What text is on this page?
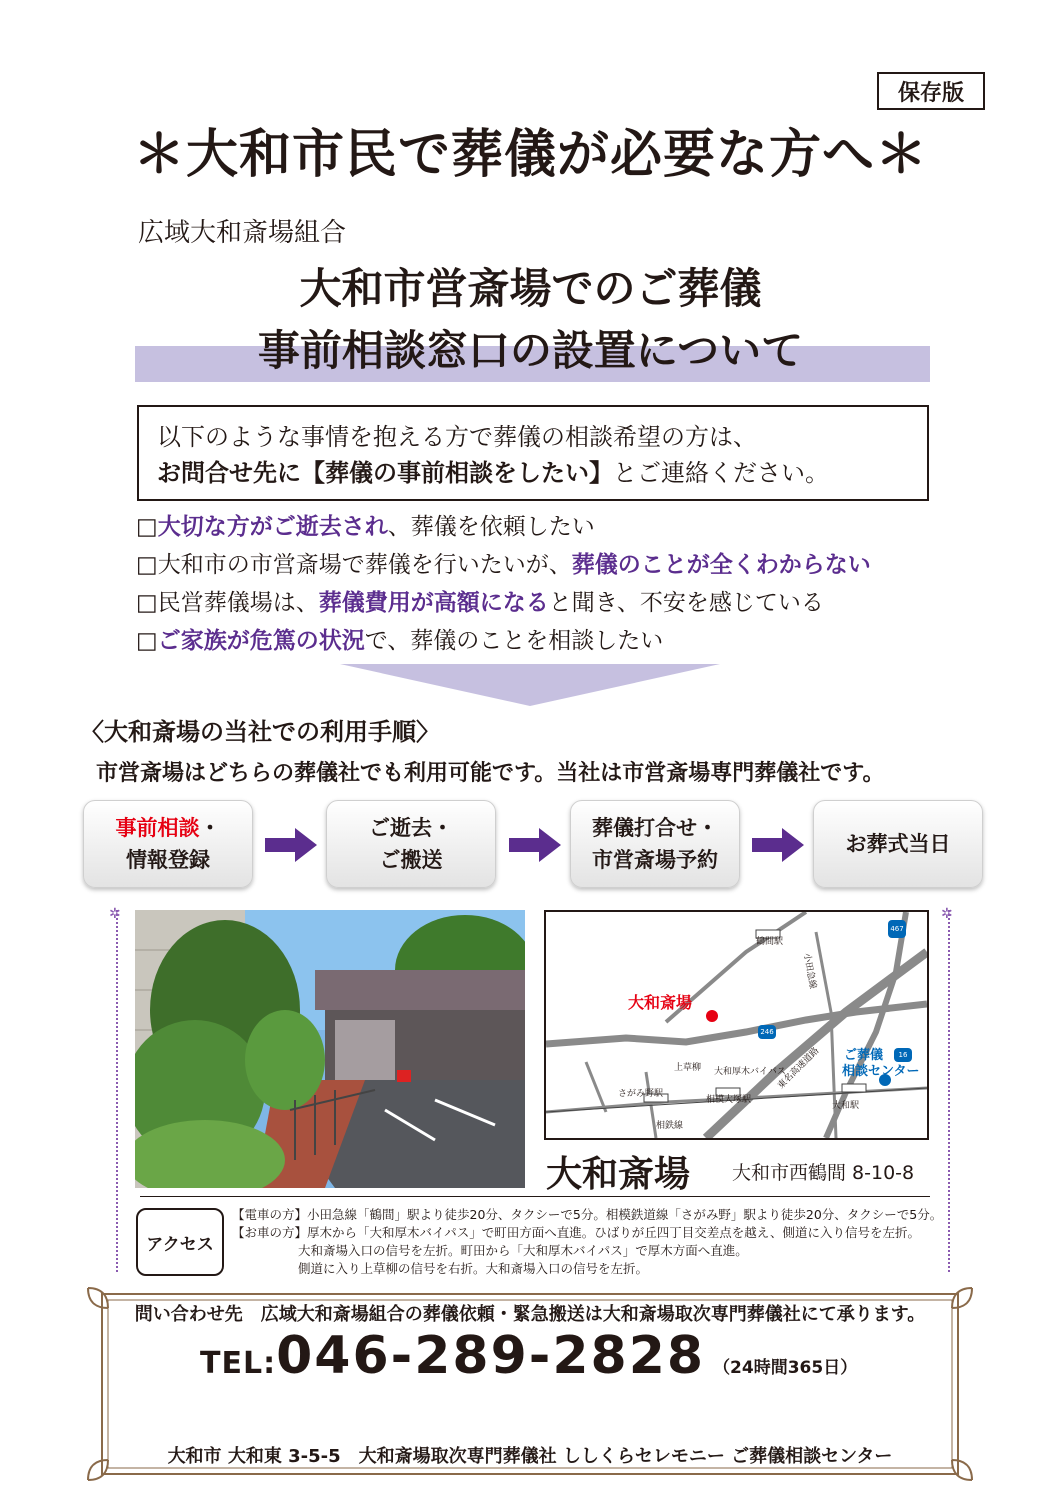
保存版
＊大和市民で葬儀が必要な方へ＊
広域大和斎場組合
大和市営斎場でのご葬儀
事前相談窓口の設置について

以下のような事情を抱える方で葬儀の相談希望の方は、

お問合せ先に【葬儀の事前相談をしたい】とご連絡ください。

□大切な方がご逝去され、葬儀を依頼したい
□大和市の市営斎場で葬儀を行いたいが、葬儀のことが全くわからない
□民営葬儀場は、葬儀費用が高額になると聞き、不安を感じている
□ご家族が危篤の状況で、葬儀のことを相談したい
〈大和斎場の当社での利用手順〉
市営斎場はどちらの葬儀社でも利用可能です。当社は市営斎場専門葬儀社です。
事前相談・
情報登録
ご逝去・
ご搬送
葬儀打合せ・
市営斎場予約
お葬式当日
✲	✲
鶴間駅
小田急線
467
246
16
大和斎場
ご葬儀
相談センター
上草柳 大和厚木バイパス
東名高速道路
さがみ野駅
相模大塚駅
大和駅
相鉄線
大和斎場 大和市西鶴間 8-10-8
アクセス
【電車の方】小田急線「鶴間」駅より徒歩20分、タクシーで5分。相模鉄道線「さがみ野」駅より徒歩20分、タクシーで5分。
【お車の方】厚木から「大和厚木バイパス」で町田方面へ直進。ひばりが丘四丁目交差点を越え、側道に入り信号を左折。
大和斎場入口の信号を左折。町田から「大和厚木バイパス」で厚木方面へ直進。
側道に入り上草柳の信号を右折。大和斎場入口の信号を左折。
問い合わせ先　広域大和斎場組合の葬儀依頼・緊急搬送は大和斎場取次専門葬儀社にて承ります。
TEL:046-289-2828 （24時間365日）
大和市 大和東 3-5-5　大和斎場取次専門葬儀社 ししくらセレモニー ご葬儀相談センター
